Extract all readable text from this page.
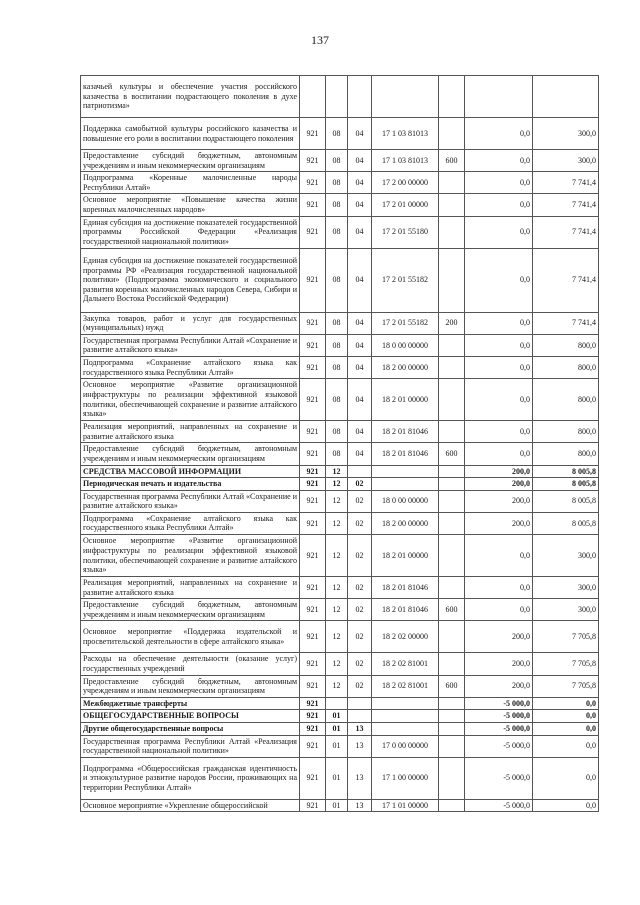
137
казачьей культуры и обеспечение участия российского казачества в воспитании подрастающего поколения в духе патриотизма»							
Поддержка самобытной культуры российского казачества и повышение его роли в воспитании подрастающего поколения	921	08	04	17 1 03 81013		0,0	300,0
Предоставление субсидий бюджетным, автономным учреждениям и иным некоммерческим организациям	921	08	04	17 1 03 81013	600	0,0	300,0
Подпрограмма «Коренные малочисленные народы Республики Алтай»	921	08	04	17 2 00 00000		0,0	7 741,4
Основное мероприятие «Повышение качества жизни коренных малочисленных народов»	921	08	04	17 2 01 00000		0,0	7 741,4
Единая субсидия на достижение показателей государственной программы Российской Федерации «Реализация государственной национальной политики»	921	08	04	17 2 01 55180		0,0	7 741,4
Единая субсидия на достижение показателей государственной программы РФ «Реализация государственной национальной политики» (Подпрограмма экономического и социального развития коренных малочисленных народов Севера, Сибири и Дальнего Востока Российской Федерации)	921	08	04	17 2 01 55182		0,0	7 741,4
Закупка товаров, работ и услуг для государственных (муниципальных) нужд	921	08	04	17 2 01 55182	200	0,0	7 741,4
Государственная программа Республики Алтай «Сохранение и развитие алтайского языка»	921	08	04	18 0 00 00000		0,0	800,0
Подпрограмма «Сохранение алтайского языка как государственного языка Республики Алтай»	921	08	04	18 2 00 00000		0,0	800,0
Основное мероприятие «Развитие организационной инфраструктуры по реализации эффективной языковой политики, обеспечивающей сохранение и развитие алтайского языка»	921	08	04	18 2 01 00000		0,0	800,0
Реализация мероприятий, направленных на сохранение и развитие алтайского языка	921	08	04	18 2 01 81046		0,0	800,0
Предоставление субсидий бюджетным, автономным учреждениям и иным некоммерческим организациям	921	08	04	18 2 01 81046	600	0,0	800,0
СРЕДСТВА МАССОВОЙ ИНФОРМАЦИИ	921	12				200,0	8 005,8
Периодическая печать и издательства	921	12	02			200,0	8 005,8
Государственная программа Республики Алтай «Сохранение и развитие алтайского языка»	921	12	02	18 0 00 00000		200,0	8 005,8
Подпрограмма «Сохранение алтайского языка как государственного языка Республики Алтай»	921	12	02	18 2 00 00000		200,0	8 005,8
Основное мероприятие «Развитие организационной инфраструктуры по реализации эффективной языковой политики, обеспечивающей сохранение и развитие алтайского языка»	921	12	02	18 2 01 00000		0,0	300,0
Реализация мероприятий, направленных на сохранение и развитие алтайского языка	921	12	02	18 2 01 81046		0,0	300,0
Предоставление субсидий бюджетным, автономным учреждениям и иным некоммерческим организациям	921	12	02	18 2 01 81046	600	0,0	300,0
Основное мероприятие «Поддержка издательской и просветительской деятельности в сфере алтайского языка»	921	12	02	18 2 02 00000		200,0	7 705,8
Расходы на обеспечение деятельности (оказание услуг) государственных учреждений	921	12	02	18 2 02 81001		200,0	7 705,8
Предоставление субсидий бюджетным, автономным учреждениям и иным некоммерческим организациям	921	12	02	18 2 02 81001	600	200,0	7 705,8
Межбюджетные трансферты	921					-5 000,0	0,0
ОБЩЕГОСУДАРСТВЕННЫЕ ВОПРОСЫ	921	01				-5 000,0	0,0
Другие общегосударственные вопросы	921	01	13			-5 000,0	0,0
Государственная программа Республики Алтай «Реализация государственной национальной политики»	921	01	13	17 0 00 00000		-5 000,0	0,0
Подпрограмма «Общероссийская гражданская идентичность и этнокультурное развитие народов России, проживающих на территории Республики Алтай»	921	01	13	17 1 00 00000		-5 000,0	0,0
Основное мероприятие «Укрепление общероссийской	921	01	13	17 1 01 00000		-5 000,0	0,0
